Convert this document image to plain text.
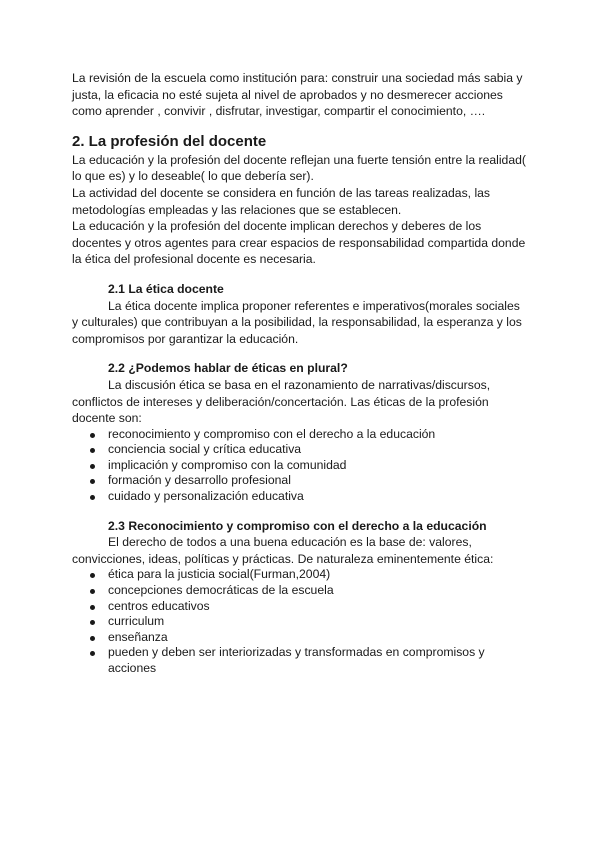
La revisión de la escuela como institución para: construir una sociedad más sabia y justa, la eficacia no esté sujeta al nivel de aprobados y no desmerecer acciones como aprender , convivir , disfrutar, investigar, compartir el conocimiento, ….

2. La profesión del docente

La educación y la profesión del docente reflejan una fuerte tensión entre la realidad( lo que es) y lo deseable( lo que debería ser).

La actividad del docente se considera en función de las tareas realizadas, las metodologías empleadas y las relaciones que se establecen.

La educación y la profesión del docente implican derechos y deberes de los docentes y otros agentes para crear espacios de responsabilidad compartida donde la ética del profesional docente es necesaria.

2.1 La ética docente

La ética docente implica proponer referentes e imperativos(morales sociales y culturales) que contribuyan a la posibilidad, la responsabilidad, la esperanza y los compromisos por garantizar la educación.

2.2 ¿Podemos hablar de éticas en plural?

La discusión ética se basa en el razonamiento de narrativas/discursos, conflictos de intereses y deliberación/concertación. Las éticas de la profesión docente son:

reconocimiento y compromiso con el derecho a la educación
conciencia social y crítica educativa
implicación y compromiso con la comunidad
formación y desarrollo profesional
cuidado y personalización educativa
2.3 Reconocimiento y compromiso con el derecho a la educación

El derecho de todos a una buena educación es la base de: valores, convicciones, ideas, políticas y prácticas. De naturaleza eminentemente ética:

ética para la justicia social(Furman,2004)
concepciones democráticas de la escuela
centros educativos
curriculum
enseñanza
pueden y deben ser interiorizadas y transformadas en compromisos y acciones
